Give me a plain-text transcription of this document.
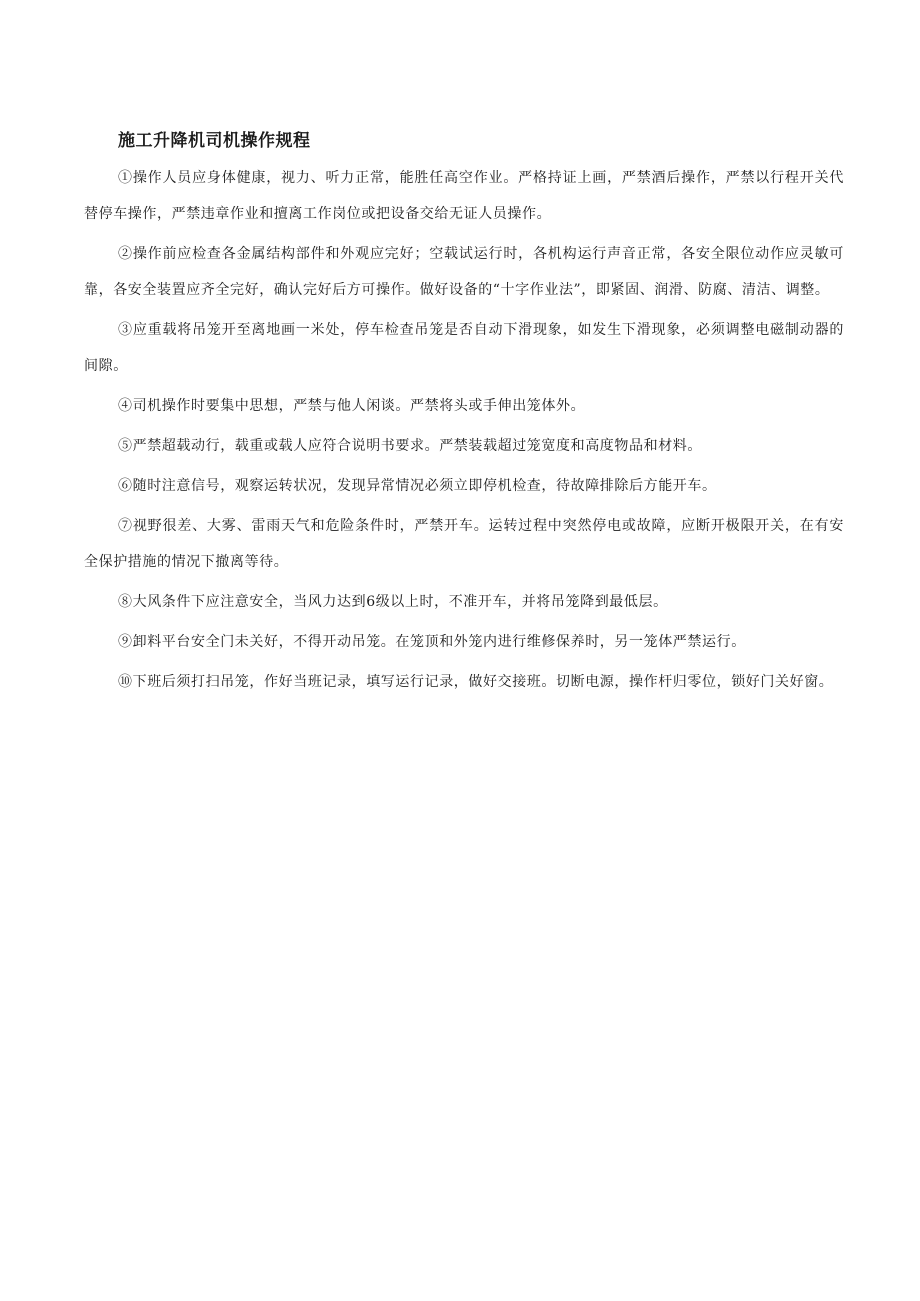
施工升降机司机操作规程

①操作人员应身体健康，视力、听力正常，能胜任高空作业。严格持证上画，严禁酒后操作，严禁以行程开关代替停车操作，严禁违章作业和擅离工作岗位或把设备交给无证人员操作。

②操作前应检查各金属结构部件和外观应完好；空载试运行时，各机构运行声音正常，各安全限位动作应灵敏可靠，各安全装置应齐全完好，确认完好后方可操作。做好设备的“十字作业法”，即紧固、润滑、防腐、清洁、调整。

③应重载将吊笼开至离地画一米处，停车检查吊笼是否自动下滑现象，如发生下滑现象，必须调整电磁制动器的间隙。

④司机操作时要集中思想，严禁与他人闲谈。严禁将头或手伸出笼体外。

⑤严禁超载动行，载重或载人应符合说明书要求。严禁装载超过笼宽度和高度物品和材料。

⑥随时注意信号，观察运转状况，发现异常情况必须立即停机检查，待故障排除后方能开车。

⑦视野很差、大雾、雷雨天气和危险条件时，严禁开车。运转过程中突然停电或故障，应断开极限开关，在有安全保护措施的情况下撤离等待。

⑧大风条件下应注意安全，当风力达到6级以上时，不准开车，并将吊笼降到最低层。

⑨卸料平台安全门未关好，不得开动吊笼。在笼顶和外笼内进行维修保养时，另一笼体严禁运行。

⑩下班后须打扫吊笼，作好当班记录，填写运行记录，做好交接班。切断电源，操作杆归零位，锁好门关好窗。
